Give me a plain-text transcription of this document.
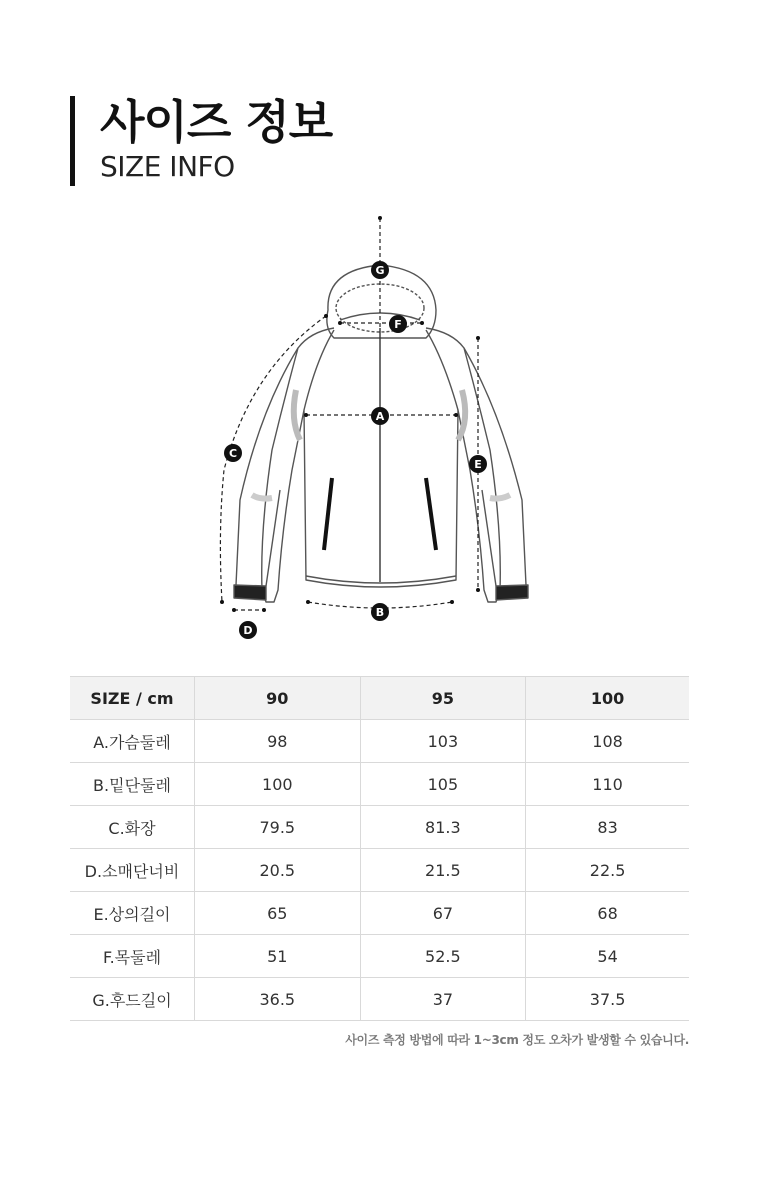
사이즈 정보
SIZE INFO
A
B
C
D
E
F
G
SIZE / cm	90	95	100
A.가슴둘레	98	103	108
B.밑단둘레	100	105	110
C.화장	79.5	81.3	83
D.소매단너비	20.5	21.5	22.5
E.상의길이	65	67	68
F.목둘레	51	52.5	54
G.후드길이	36.5	37	37.5
사이즈 측정 방법에 따라 1~3cm 정도 오차가 발생할 수 있습니다.
